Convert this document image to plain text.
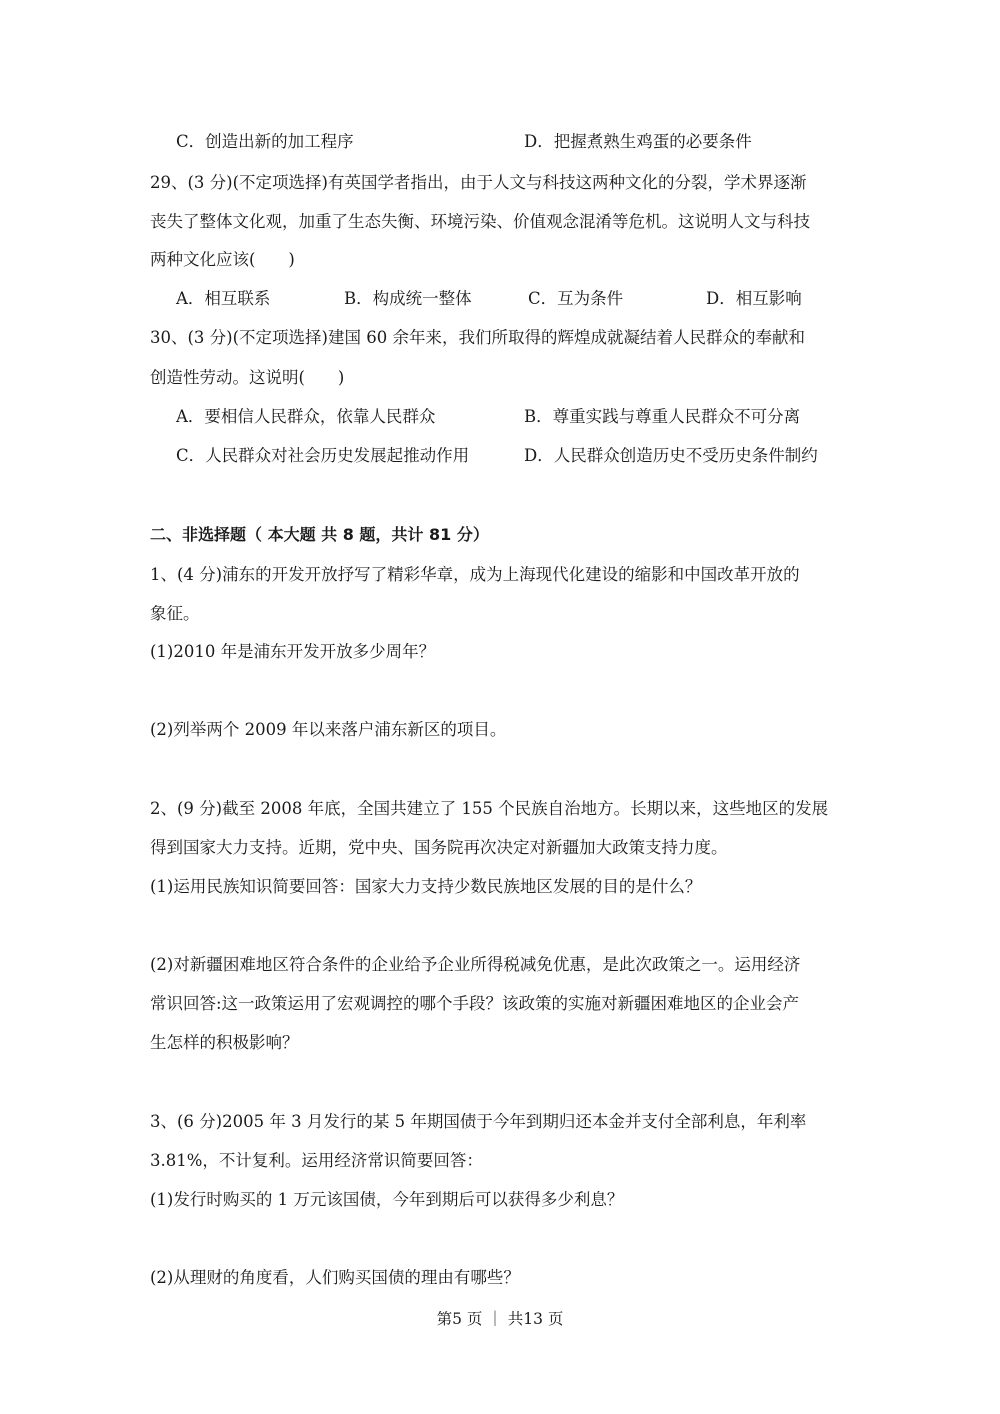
C．创造出新的加工程序	D．把握煮熟生鸡蛋的必要条件
29、(3 分)(不定项选择)有英国学者指出，由于人文与科技这两种文化的分裂，学术界逐渐
丧失了整体文化观，加重了生态失衡、环境污染、价值观念混淆等危机。这说明人文与科技
两种文化应该(　　)
A．相互联系	B．构成统一整体	C．互为条件	D．相互影响
30、(3 分)(不定项选择)建国 60 余年来，我们所取得的辉煌成就凝结着人民群众的奉献和
创造性劳动。这说明(　　)
A．要相信人民群众，依靠人民群众	B．尊重实践与尊重人民群众不可分离
C．人民群众对社会历史发展起推动作用	D．人民群众创造历史不受历史条件制约
二、非选择题（ 本大题 共 8 题，共计 81 分）
1、(4 分)浦东的开发开放抒写了精彩华章，成为上海现代化建设的缩影和中国改革开放的
象征。
(1)2010 年是浦东开发开放多少周年？
(2)列举两个 2009 年以来落户浦东新区的项目。
2、(9 分)截至 2008 年底，全国共建立了 155 个民族自治地方。长期以来，这些地区的发展
得到国家大力支持。近期，党中央、国务院再次决定对新疆加大政策支持力度。
(1)运用民族知识简要回答：国家大力支持少数民族地区发展的目的是什么？
(2)对新疆困难地区符合条件的企业给予企业所得税减免优惠，是此次政策之一。运用经济
常识回答:这一政策运用了宏观调控的哪个手段？该政策的实施对新疆困难地区的企业会产
生怎样的积极影响？
3、(6 分)2005 年 3 月发行的某 5 年期国债于今年到期归还本金并支付全部利息，年利率
3.81%，不计复利。运用经济常识简要回答：
(1)发行时购买的 1 万元该国债，今年到期后可以获得多少利息？
(2)从理财的角度看，人们购买国债的理由有哪些？
第5 页 ｜ 共13 页
